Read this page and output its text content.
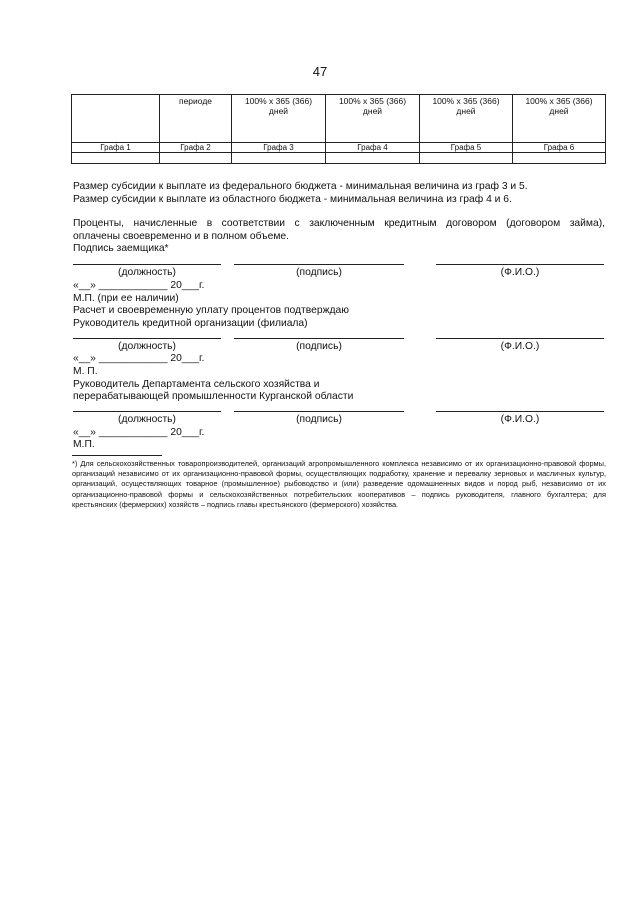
47
	периоде	100% x 365 (366) дней	100% x 365 (366) дней	100% x 365 (366) дней	100% x 365 (366) дней
Графа 1	Графа 2	Графа 3	Графа 4	Графа 5	Графа 6

Размер субсидии к выплате из федерального бюджета - минимальная величина из граф 3 и 5.
Размер субсидии к выплате из областного бюджета - минимальная величина из граф 4 и 6.
Проценты, начисленные в соответствии с заключенным кредитным договором (договором займа),
оплачены своевременно и в полном объеме.
Подпись заемщика*
(должность)	(подпись)	(Ф.И.О.)
«__» ____________ 20___г.
М.П. (при ее наличии)
Расчет и своевременную уплату процентов подтверждаю
Руководитель кредитной организации (филиала)
(должность)	(подпись)	(Ф.И.О.)
«__» ____________ 20___г.
М. П.
Руководитель Департамента сельского хозяйства и
перерабатывающей промышленности Курганской области
(должность)	(подпись)	(Ф.И.О.)
«__» ____________ 20___г.
М.П.
*) Для сельскохозяйственных товаропроизводителей, организаций агропромышленного комплекса независимо от их организационно-правовой формы, организаций независимо от их организационно-правовой формы, осуществляющих подработку, хранение и перевалку зерновых и масличных культур, организаций, осуществляющих товарное (промышленное) рыбоводство и (или) разведение одомашненных видов и пород рыб, независимо от их организационно-правовой формы и сельскохозяйственных потребительских кооперативов – подпись руководителя, главного бухгалтера; для крестьянских (фермерских) хозяйств – подпись главы крестьянского (фермерского) хозяйства.
